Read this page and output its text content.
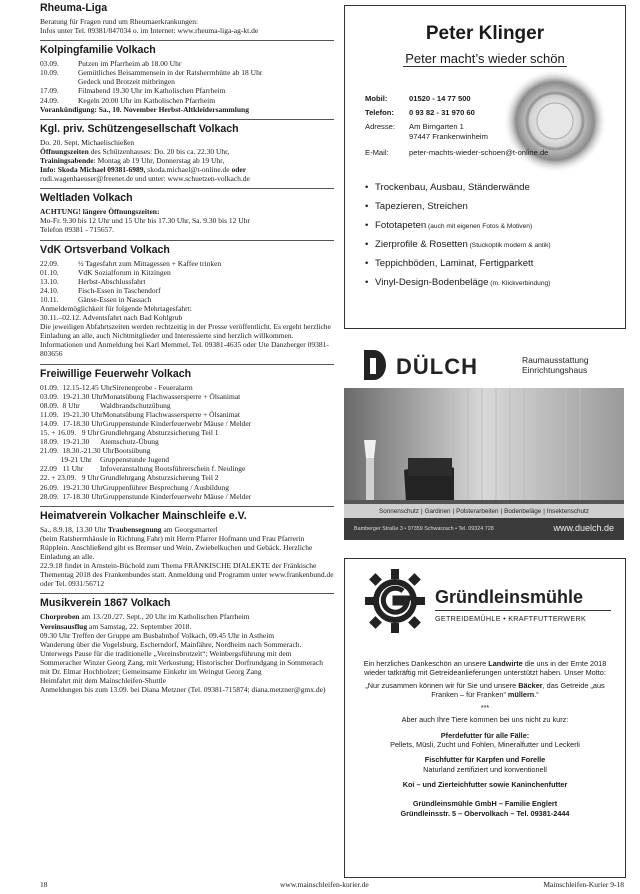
Rheuma-Liga

Beratung für Fragen rund um Rheumaerkrankungen:

Infos unter Tel. 09381/847034 o. im Internet: www.rheuma-liga-ag-kt.de

Kolpingfamilie Volkach
03.09.	Putzen im Pfarrheim ab 18.00 Uhr
10.09.	Gemütliches Beisammensein in der Ratsherrnhütte ab 18 Uhr
Gedeck und Brotzeit mitbringen
17.09.	Filmabend 19.30 Uhr im Katholischen Pfarrheim
24.09.	Kegeln 20.00 Uhr im Katholischen Pfarrheim

Vorankündigung: Sa., 10. November Herbst-Altkleidersammlung

Kgl. priv. Schützengesellschaft Volkach

Do. 20. Sept. Michaelischießen

Öffnungszeiten des Schützenhauses: Do. 20 bis ca. 22.30 Uhr,

Trainingsabende: Montag ab 19 Uhr, Donnerstag ab 19 Uhr,

Info: Skoda Michael 09381-6989, skoda.michael@t-online.de oder

rudi.wagenhaeuser@freenet.de und unter: www.schuetzen-volkach.de

Weltladen Volkach

ACHTUNG! längere Öffnungszeiten:

Mo-Fr. 9.30 bis 12 Uhr und 15 Uhr bis 17.30 Uhr, Sa. 9.30 bis 12 Uhr

Telefon 09381 - 715657.

VdK Ortsverband Volkach
22.09.	½ Tagesfahrt zum Mittagessen + Kaffee trinken
01.10.	VdK Sozialforum in Kitzingen
13.10.	Herbst-Abschlussfahrt
24.10.	Fisch-Essen in Taschendorf
10.11.	Gänse-Essen in Nassach

Anmeldemöglichkeit für folgende Mehrtagesfahrt:

30.11.–02.12. Adventsfahrt nach Bad Kohlgrub

Die jeweiligen Abfahrtszeiten werden rechtzeitig in der Presse veröffentlicht. Es ergeht herzliche Einladung an alle, auch Nichtmitglieder und Interessierte sind herzlich willkommen.

Informationen und Anmeldung bei Karl Memmel, Tel. 09381-4635 oder Ute Danzberger 09381-803656

Freiwillige Feuerwehr Volkach
01.09.  12.15-12.45 Uhr Sirenenprobe - Feueralarm
03.09.  19-21.30 Uhr Monatsübung Flachwassersperre + Ölsanimat
08.09.  8 Uhr	Waldbrandschutzübung
11.09.  19-21.30 Uhr Monatsübung Flachwassersperre + Ölsanimat
14.09.  17-18.30 Uhr Gruppenstunde Kinderfeuerwehr Mäuse / Melder
15. + 16.09.   9 Uhr Grundlehrgang Absturzsicherung Teil 1
18.09.  19-21.30	Atemschutz-Übung
21.09.  18.30.-21.30 Uhr Bootsübung
19-21 Uhr	Gruppenstunde Jugend
22.09   11 Uhr	Infoveranstaltung Bootsführerschein f. Neulinge
22. + 23.09.   9 Uhr Grundlehrgang Absturzsicherung Teil 2
26.09.  19-21.30 Uhr Gruppenführer Besprechung / Ausbildung
28.09.  17-18.30 Uhr Gruppenstunde Kinderfeuerwehr Mäuse / Melder
Heimatverein Volkacher Mainschleife e.V.

Sa., 8.9.18, 13.30 Uhr Traubensegnung am Georgsmarterl

(beim Ratsherrnhäusle in Richtung Fahr) mit Herrn Pfarrer Hofmann und Frau Pfarrerin Rüpplein. Anschließend gibt es Bremser und Wein, Zwiebelkuchen und Gebäck. Herzliche Einladung an alle.

22.9.18 findet in Arnstein-Büchold zum Thema FRÄNKISCHE DIALEKTE der Fränkische Thementag 2018 des Frankenbundes statt. Anmeldung und Programm unter www.frankenbund.de oder Tel. 0931/56712

Musikverein 1867 Volkach

Chorproben am 13./20./27. Sept., 20 Uhr im Katholischen Pfarrheim

Vereinsausflug am Samstag, 22. September 2018.

09.30 Uhr Treffen der Gruppe am Busbahnhof Volkach, 09.45 Uhr in Astheim

Wanderung über die Vogelsburg, Escherndorf, Mainfähre, Nordheim nach Sommerach. Unterwegs Pause für die traditionelle „Vereinsbrotzeit“; Weinbergsführung mit dem Sommeracher Winzer Georg Zang, mit Verkostung; Historischer Dorfrundgang in Sommerach mit Dr. Elmar Hochholzer; Gemeinsame Einkehr im Weingut Georg Zang

Heimfahrt mit dem Mainschleifen-Shuttle

Anmeldungen bis zum 13.09. bei Diana Metzner (Tel. 09381-715874; diana.metzner@gmx.de)

Peter Klinger
Peter macht’s wieder schön
Mobil:	01520 - 14 77 500
Telefon: 0 93 82 - 31 970 60
Adresse: Am Birngarten 1
97447 Frankenwinheim
E-Mail:	peter-machts-wieder-schoen@t-online.de
• Trockenbau, Ausbau, Ständerwände
• Tapezieren, Streichen
• Fototapeten (auch mit eigenen Fotos & Motiven)
• Zierprofile & Rosetten (Stuckoptik modern & antik)
• Teppichböden, Laminat, Fertigparkett
• Vinyl-Design-Bodenbeläge (m. Klickverbindung)
DÜLCH	Raumausstattung
Einrichtungshaus
Sonnenschutz | Gardinen | Polsterarbeiten | Bodenbeläge | Insektenschutz
Bamberger Straße 3 • 97359 Schwarzach • Tel. 09324 728	www.duelch.de
Gründleinsmühle
GETREIDEMÜHLE • KRAFTFUTTERWERK

Ein herzliches Dankeschön an unsere Landwirte die uns in der Ernte 2018 wieder tatkräftig mit Getreideanlieferungen unterstützt haben. Unser Motto:

„Nur zusammen können wir für Sie und unsere Bäcker, das Getreide „aus Franken – für Franken“ müllern.“

***

Aber auch Ihre Tiere kommen bei uns nicht zu kurz:

Pferdefutter für alle Fälle:

Pellets, Müsli, Zucht und Fohlen, Mineralfutter und Leckerli

Fischfutter für Karpfen und Forelle

Naturland zertifiziert und konventionell

Koi – und Zierteichfutter sowie Kaninchenfutter

Gründleinsmühle GmbH – Familie Englert

Gründleinsstr. 5 – Obervolkach – Tel. 09381-2444

18	www.mainschleifen-kurier.de	Mainschleifen-Kurier 9-18
